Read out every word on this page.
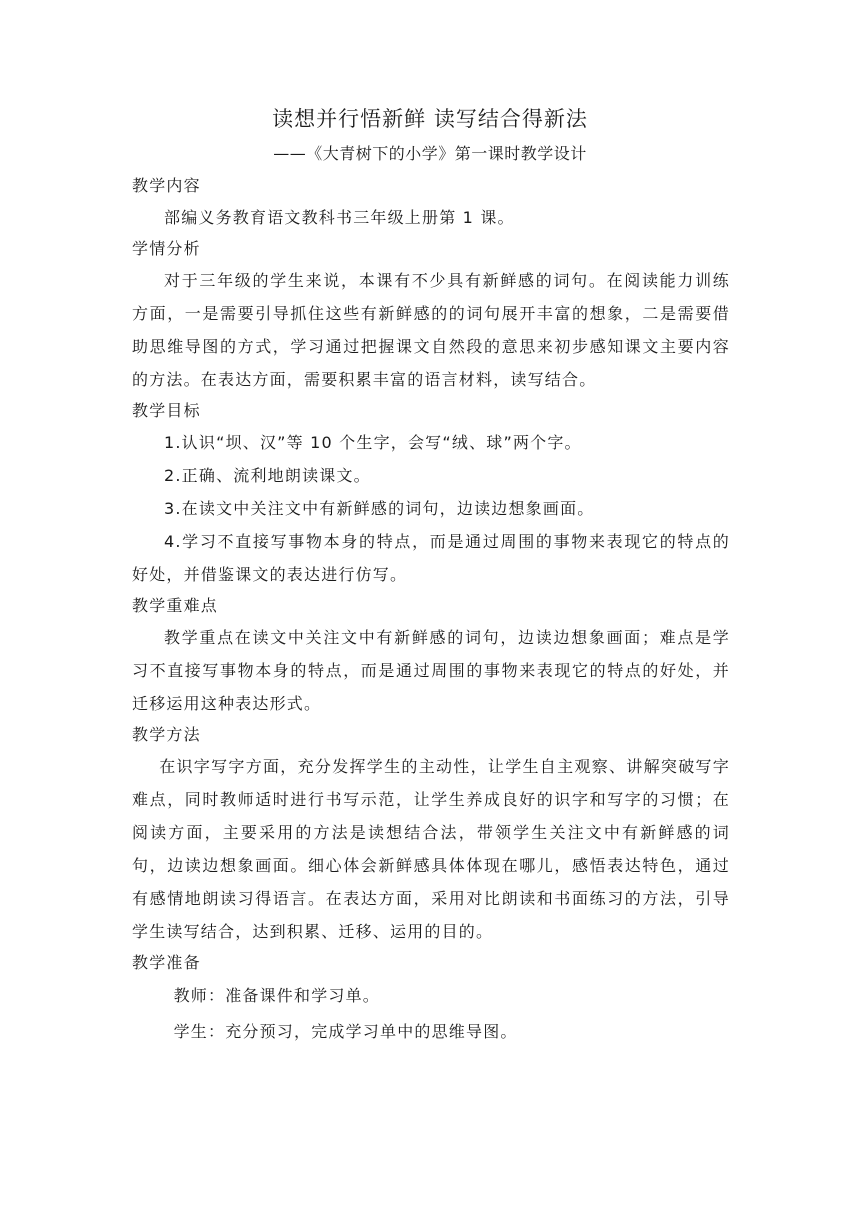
读想并行悟新鲜 读写结合得新法
——《大青树下的小学》第一课时教学设计
教学内容
部编义务教育语文教科书三年级上册第 1 课。
学情分析
对于三年级的学生来说，本课有不少具有新鲜感的词句。在阅读能力训练方面，一是需要引导抓住这些有新鲜感的的词句展开丰富的想象，二是需要借助思维导图的方式，学习通过把握课文自然段的意思来初步感知课文主要内容的方法。在表达方面，需要积累丰富的语言材料，读写结合。
教学目标
1.认识“坝、汉”等 10 个生字，会写“绒、球”两个字。
2.正确、流利地朗读课文。
3.在读文中关注文中有新鲜感的词句，边读边想象画面。
4.学习不直接写事物本身的特点，而是通过周围的事物来表现它的特点的好处，并借鉴课文的表达进行仿写。
教学重难点
教学重点在读文中关注文中有新鲜感的词句，边读边想象画面；难点是学习不直接写事物本身的特点，而是通过周围的事物来表现它的特点的好处，并迁移运用这种表达形式。
教学方法
在识字写字方面，充分发挥学生的主动性，让学生自主观察、讲解突破写字难点，同时教师适时进行书写示范，让学生养成良好的识字和写字的习惯；在阅读方面，主要采用的方法是读想结合法，带领学生关注文中有新鲜感的词句，边读边想象画面。细心体会新鲜感具体体现在哪儿，感悟表达特色，通过有感情地朗读习得语言。在表达方面，采用对比朗读和书面练习的方法，引导学生读写结合，达到积累、迁移、运用的目的。
教学准备
教师：准备课件和学习单。
学生：充分预习，完成学习单中的思维导图。
